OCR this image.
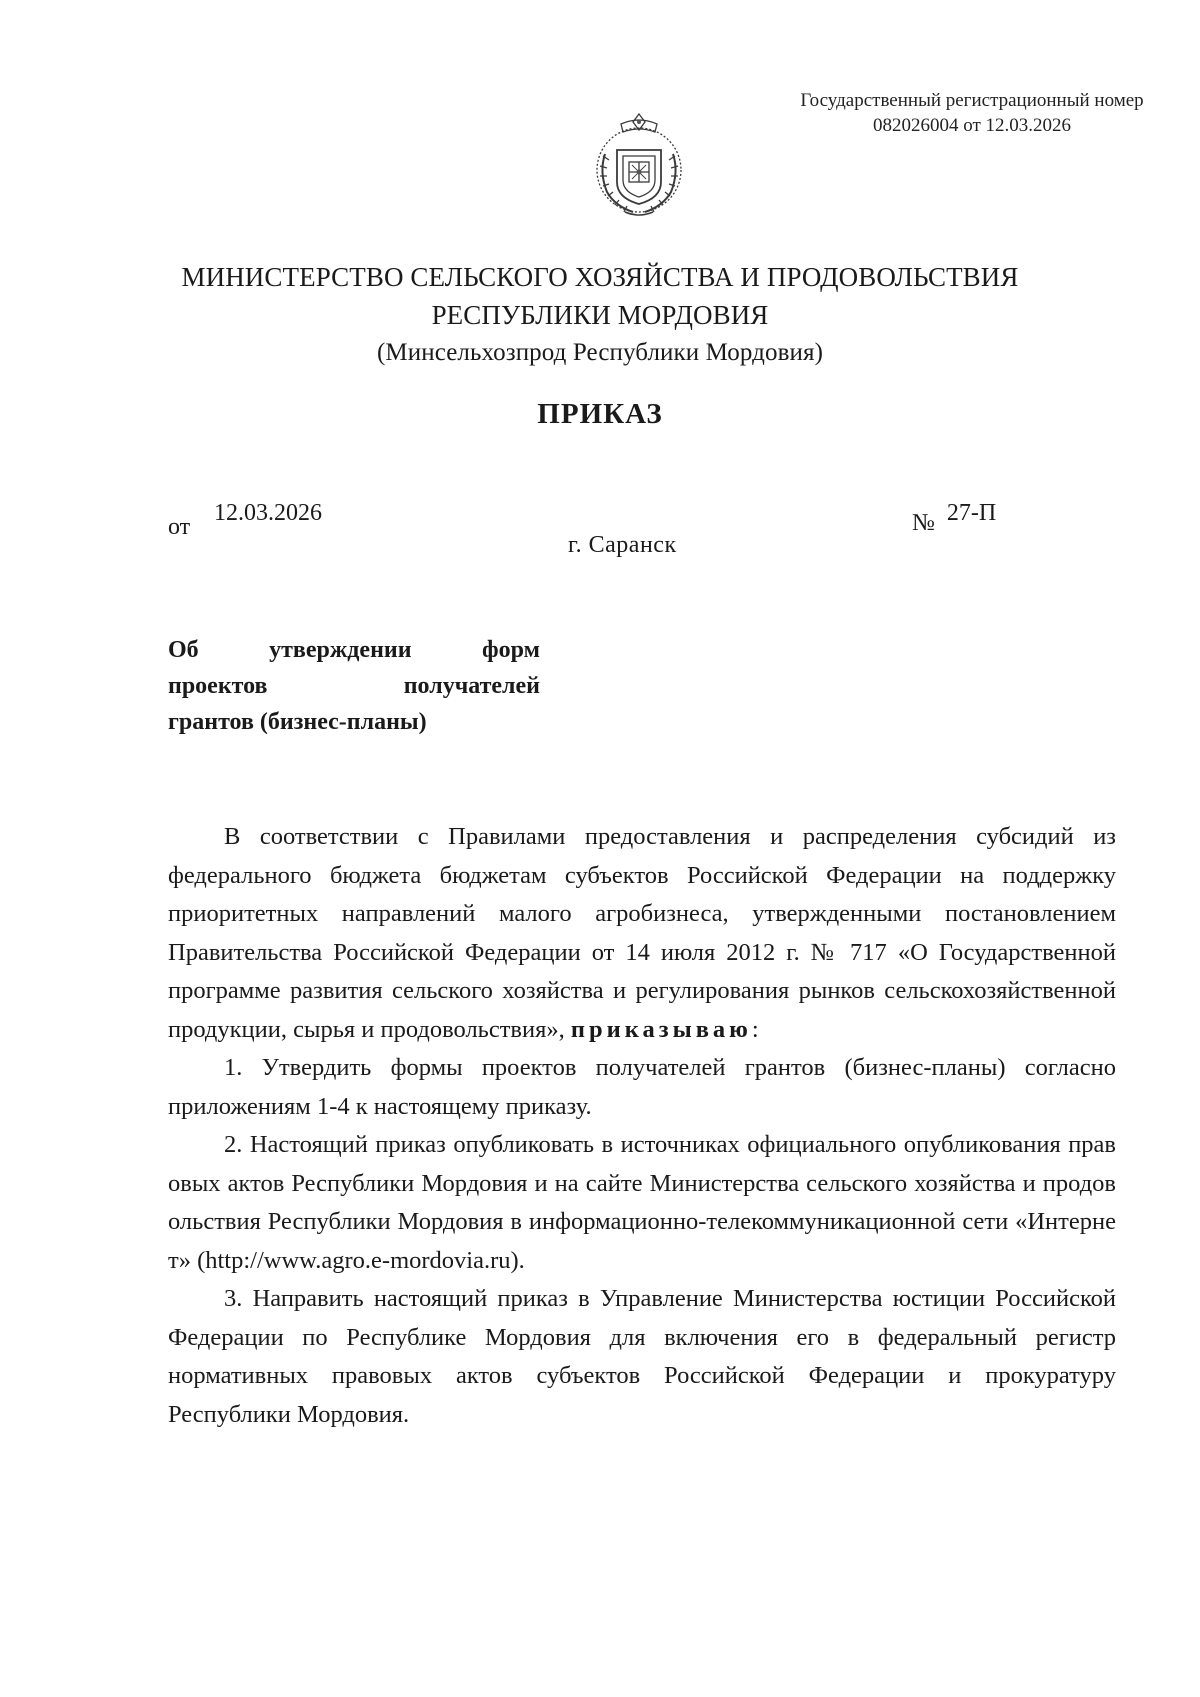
Государственный регистрационный номер
082026004 от 12.03.2026
МИНИСТЕРСТВО СЕЛЬСКОГО ХОЗЯЙСТВА И ПРОДОВОЛЬСТВИЯ
РЕСПУБЛИКИ МОРДОВИЯ
(Минсельхозпрод Республики Мордовия)
ПРИКАЗ
от
12.03.2026	№ 27-П
г. Саранск
Об	утверждении	форм
проектов	получателей
грантов (бизнес-планы)

В соответствии с Правилами предоставления и распределения субсидий из федерального бюджета бюджетам субъектов Российской Федерации на поддержку приоритетных направлений малого агробизнеса, утвержденными постановлением Правительства Российской Федерации от 14 июля 2012 г. № 717 «О Государственной программе развития сельского хозяйства и регулирования рынков сельскохозяйственной продукции, сырья и продовольствия», приказываю:

1. Утвердить формы проектов получателей грантов (бизнес-планы) согласно приложениям 1-4 к настоящему приказу.

2. Настоящий приказ опубликовать в источниках официального опубликования правовых актов Республики Мордовия и на сайте Министерства сельского хозяйства и продовольствия Республики Мордовия в информационно-телекоммуникационной сети «Интернет» (http://www.agro.e-mordovia.ru).

3. Направить настоящий приказ в Управление Министерства юстиции Российской Федерации по Республике Мордовия для включения его в федеральный регистр нормативных правовых актов субъектов Российской Федерации и прокуратуру Республики Мордовия.
